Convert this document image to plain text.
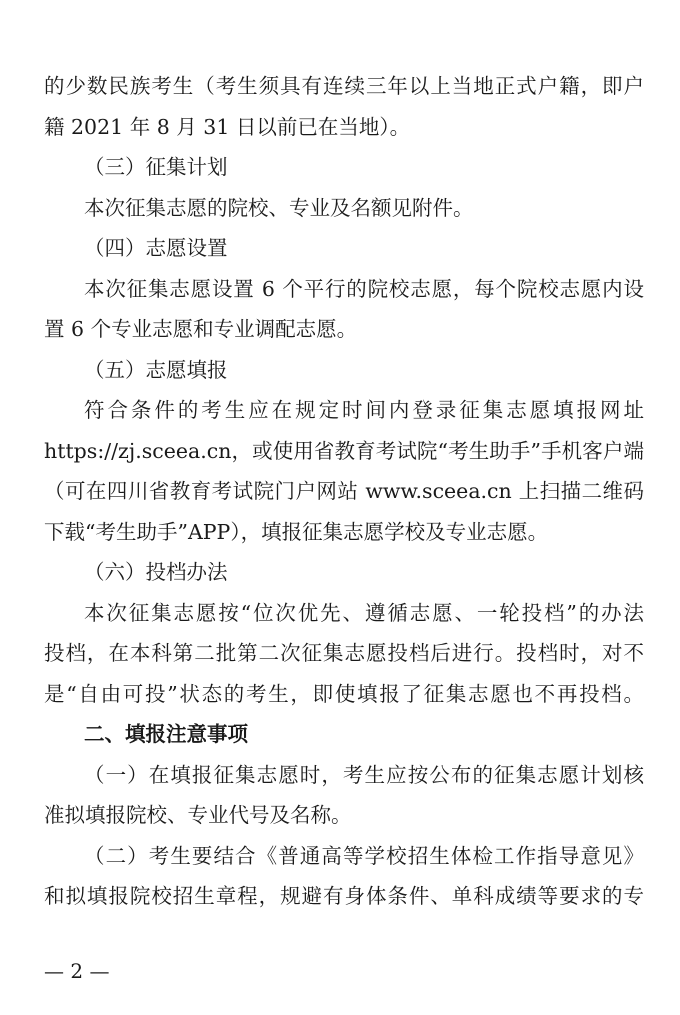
的少数民族考生（考生须具有连续三年以上当地正式户籍，即户
籍 2021 年 8 月 31 日以前已在当地）。
（三）征集计划
本次征集志愿的院校、专业及名额见附件。
（四）志愿设置
本次征集志愿设置 6 个平行的院校志愿，每个院校志愿内设
置 6 个专业志愿和专业调配志愿。
（五）志愿填报
符合条件的考生应在规定时间内登录征集志愿填报网址
https://zj.sceea.cn，或使用省教育考试院“考生助手”手机客户端
（可在四川省教育考试院门户网站 www.sceea.cn 上扫描二维码
下载“考生助手”APP），填报征集志愿学校及专业志愿。
（六）投档办法
本次征集志愿按“位次优先、遵循志愿、一轮投档”的办法
投档，在本科第二批第二次征集志愿投档后进行。投档时，对不
是“自由可投”状态的考生，即使填报了征集志愿也不再投档。
二、填报注意事项
（一）在填报征集志愿时，考生应按公布的征集志愿计划核
准拟填报院校、专业代号及名称。
（二）考生要结合《普通高等学校招生体检工作指导意见》
和拟填报院校招生章程，规避有身体条件、单科成绩等要求的专
— 2 —
